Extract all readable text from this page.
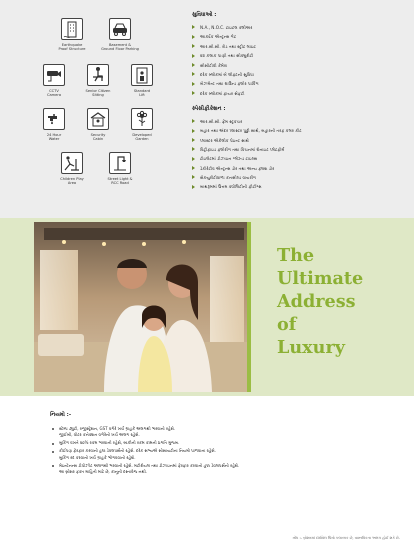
Earthquake
Proof Structure
Basement &
Ground Floor Parking
CCTV
Camera
Senior Citizen
Sitting
Standard
Lift
24 Hour
Water
Security
Cabin
Developed
Garden
Children Play
Area
Street Light &
RCC Road
સુવિધાઓ :
N.A., N.O.C. ટાઇટલ ક્લીઅર
આકર્ષક એન્ટ્રન્સ ગેટ
આર.સી.સી. રોડ તથા સ્ટ્રીટ લાઇટ
૨૪ કલાક પાણી તથા સીક્યુરીટી
સીસીટીવી કેમેરા
દરેક બ્લોકમાં બે લીફ્ટની સુવિધા
બેઝમેન્ટ તથા ગ્રાઉન્ડ ફ્લોર પાર્કિંગ
દરેક બ્લોકમાં ફાયર સેફટી
સ્પેસીફીકેશન :
આર.સી.સી. ફ્રેમ સ્ટ્રકચર
બહાર તથા અંદર પ્લાસ્ટર પુટ્ટી સાથે, બહારની તરફ કલર કોટ
પ્લાસ્ટર એક્રેલીક પેઇન્ટ સાથે
વિટ્રીફાઇડ ફ્લોરીંગ તથા કિચનમાં ગ્રેનાઇટ પ્લેટફોર્મ
ટોઇલેટમાં ડીઝાઇન ગ્લેઝ્ડ ટાઇલ્સ
ડેકોરેટીવ એન્ટ્રન્સ ડોર તથા અન્ય ફ્લશ ડોર
સેકયુરીટીવાળા કનસીલ્ડ વાયરીંગ
બાથરૂમમાં ઉત્તમ ક્વોલિટીની ફીટીંગ્સ
The
Ultimate
Address
of
Luxury
નિયમો :-
સ્ટેમ્પ ડ્યુટી, રજીસ્ટ્રેશન, GST વગેરે ખર્ચ ગ્રાહકે અલગથી ભરવાનો રહેશે.
જીઈબી, વોટર કનેક્શન વગેરેનો ખર્ચ અલગ રહેશે.
બુકિંગ વખતે ૨૦% રકમ ભરવાની રહેશે, બાકીની રકમ કામની પ્રગતિ મુજબ.
કોઈપણ ફેરફાર કરવાનો હક્ક ડેવલપર્સનો રહેશે. દરેક સભ્યએ સોસાયટીના નિયમો પાળવાના રહેશે.
બુકિંગ રદ કરવાનો ખર્ચ ગ્રાહકે ભોગવવાનો રહેશે.
મેઇન્ટેનન્સ ડીપોઝીટ અલગથી ભરવાની રહેશે. મટીરીયલ તથા ડીઝાઇનમાં ફેરફાર કરવાનો હક્ક ડેવલપર્સનો રહેશે.
આ બ્રોશર ફક્ત માહિતી માટે છે, કાનૂની દસ્તાવેજ નથી.
નોંધ :- બ્રોશરમાં દર્શાવેલ ચિત્રો કલાત્મક છે, વાસ્તવિકતા અલગ હોઈ શકે છે.
